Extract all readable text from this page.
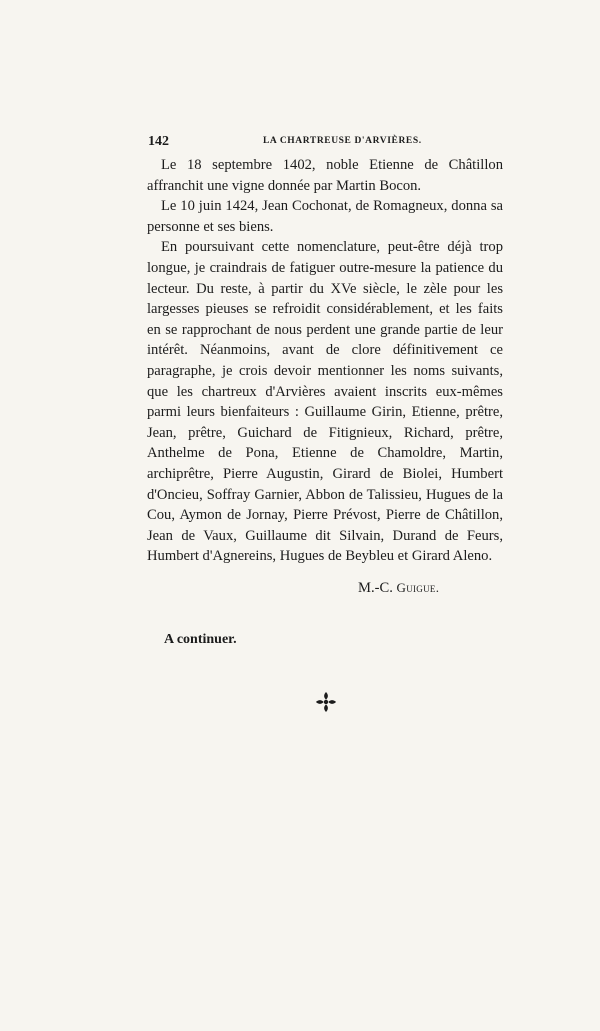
142	LA CHARTREUSE D'ARVIÈRES.

Le 18 septembre 1402, noble Etienne de Châtillon affranchit une vigne donnée par Martin Bocon.

Le 10 juin 1424, Jean Cochonat, de Romagneux, donna sa personne et ses biens.

En poursuivant cette nomenclature, peut-être déjà trop longue, je craindrais de fatiguer outre-mesure la patience du lecteur. Du reste, à partir du XVe siècle, le zèle pour les largesses pieuses se refroidit considérablement, et les faits en se rapprochant de nous perdent une grande partie de leur intérêt. Néanmoins, avant de clore définitivement ce paragraphe, je crois devoir mentionner les noms suivants, que les chartreux d'Arvières avaient inscrits eux-mêmes parmi leurs bienfaiteurs : Guillaume Girin, Etienne, prêtre, Jean, prêtre, Guichard de Fitignieux, Richard, prêtre, Anthelme de Pona, Etienne de Chamoldre, Martin, archiprêtre, Pierre Augustin, Girard de Biolei, Humbert d'Oncieu, Soffray Garnier, Abbon de Talissieu, Hugues de la Cou, Aymon de Jornay, Pierre Prévost, Pierre de Châtillon, Jean de Vaux, Guillaume dit Silvain, Durand de Feurs, Humbert d'Agnereins, Hugues de Beybleu et Girard Aleno.

M.-C. Guigue.
A continuer.
